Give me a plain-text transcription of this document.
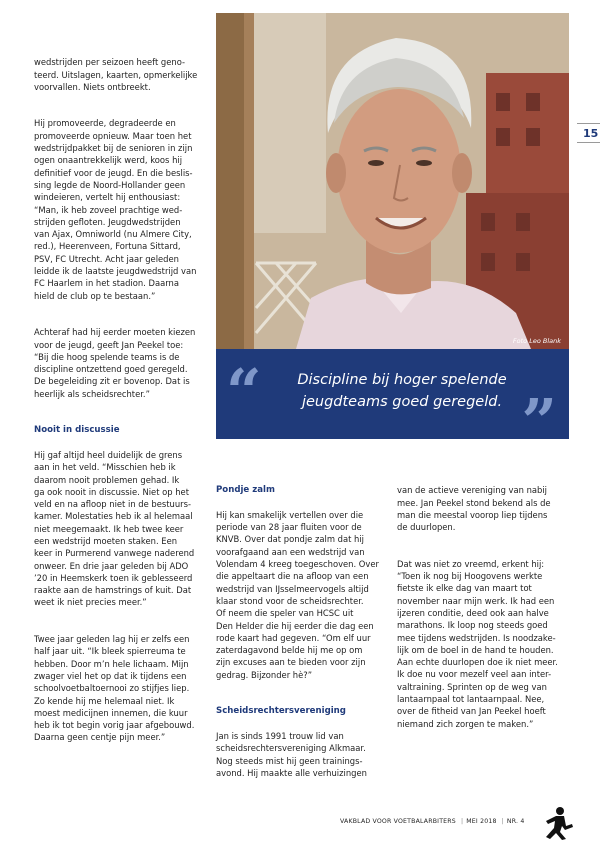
wedstrijden per seizoen heeft geno-
teerd. Uitslagen, kaarten, opmerkelijke
voorvallen. Niets ontbreekt.

Hij promoveerde, degradeerde en
promoveerde opnieuw. Maar toen het
wedstrijdpakket bij de senioren in zijn
ogen onaantrekkelijk werd, koos hij
definitief voor de jeugd. En die beslis-
sing legde de Noord-Hollander geen
windeieren, vertelt hij enthousiast:
“Man, ik heb zoveel prachtige wed-
strijden gefloten. Jeugdwedstrijden
van Ajax, Omniworld (nu Almere City,
red.), Heerenveen, Fortuna Sittard,
PSV, FC Utrecht. Acht jaar geleden
leidde ik de laatste jeugdwedstrijd van
FC Haarlem in het stadion. Daarna
hield de club op te bestaan.”

Achteraf had hij eerder moeten kiezen
voor de jeugd, geeft Jan Peekel toe:
“Bij die hoog spelende teams is de
discipline ontzettend goed geregeld.
De begeleiding zit er bovenop. Dat is
heerlijk als scheidsrechter.”

Nooit in discussie

Hij gaf altijd heel duidelijk de grens
aan in het veld. “Misschien heb ik
daarom nooit problemen gehad. Ik
ga ook nooit in discussie. Niet op het
veld en na afloop niet in de bestuurs-
kamer. Molestaties heb ik al helemaal
niet meegemaakt. Ik heb twee keer
een wedstrijd moeten staken. Een
keer in Purmerend vanwege naderend
onweer. En drie jaar geleden bij ADO
’20 in Heemskerk toen ik geblesseerd
raakte aan de hamstrings of kuit. Dat
weet ik niet precies meer.”

Twee jaar geleden lag hij er zelfs een
half jaar uit. “Ik bleek spierreuma te
hebben. Door m’n hele lichaam. Mijn
zwager viel het op dat ik tijdens een
schoolvoetbaltoernooi zo stijfjes liep.
Zo kende hij me helemaal niet. Ik
moest medicijnen innemen, die kuur
heb ik tot begin vorig jaar afgebouwd.
Daarna geen centje pijn meer.”

Foto Leo Blank
“	Discipline bij hoger spelende jeugdteams goed geregeld. ”
15

Pondje zalm

Hij kan smakelijk vertellen over die
periode van 28 jaar fluiten voor de
KNVB. Over dat pondje zalm dat hij
voorafgaand aan een wedstrijd van
Volendam 4 kreeg toegeschoven. Over
die appeltaart die na afloop van een
wedstrijd van IJsselmeervogels altijd
klaar stond voor de scheidsrechter.
Of neem die speler van HCSC uit
Den Helder die hij eerder die dag een
rode kaart had gegeven. “Om elf uur
zaterdagavond belde hij me op om
zijn excuses aan te bieden voor zijn
gedrag. Bijzonder hè?”

Scheidsrechtersvereniging

Jan is sinds 1991 trouw lid van
scheidsrechtersvereniging Alkmaar.
Nog steeds mist hij geen trainings-
avond. Hij maakte alle verhuizingen

van de actieve vereniging van nabij
mee. Jan Peekel stond bekend als de
man die meestal voorop liep tijdens
de duurlopen.

Dat was niet zo vreemd, erkent hij:
“Toen ik nog bij Hoogovens werkte
fietste ik elke dag van maart tot
november naar mijn werk. Ik had een
ijzeren conditie, deed ook aan halve
marathons. Ik loop nog steeds goed
mee tijdens wedstrijden. Is noodzake-
lijk om de boel in de hand te houden.
Aan echte duurlopen doe ik niet meer.
Ik doe nu voor mezelf veel aan inter-
valtraining. Sprinten op de weg van
lantaarnpaal tot lantaarnpaal. Nee,
over de fitheid van Jan Peekel hoeft
niemand zich zorgen te maken.”

VAKBLAD VOOR VOETBALARBITERS | MEI 2018 | NR. 4
